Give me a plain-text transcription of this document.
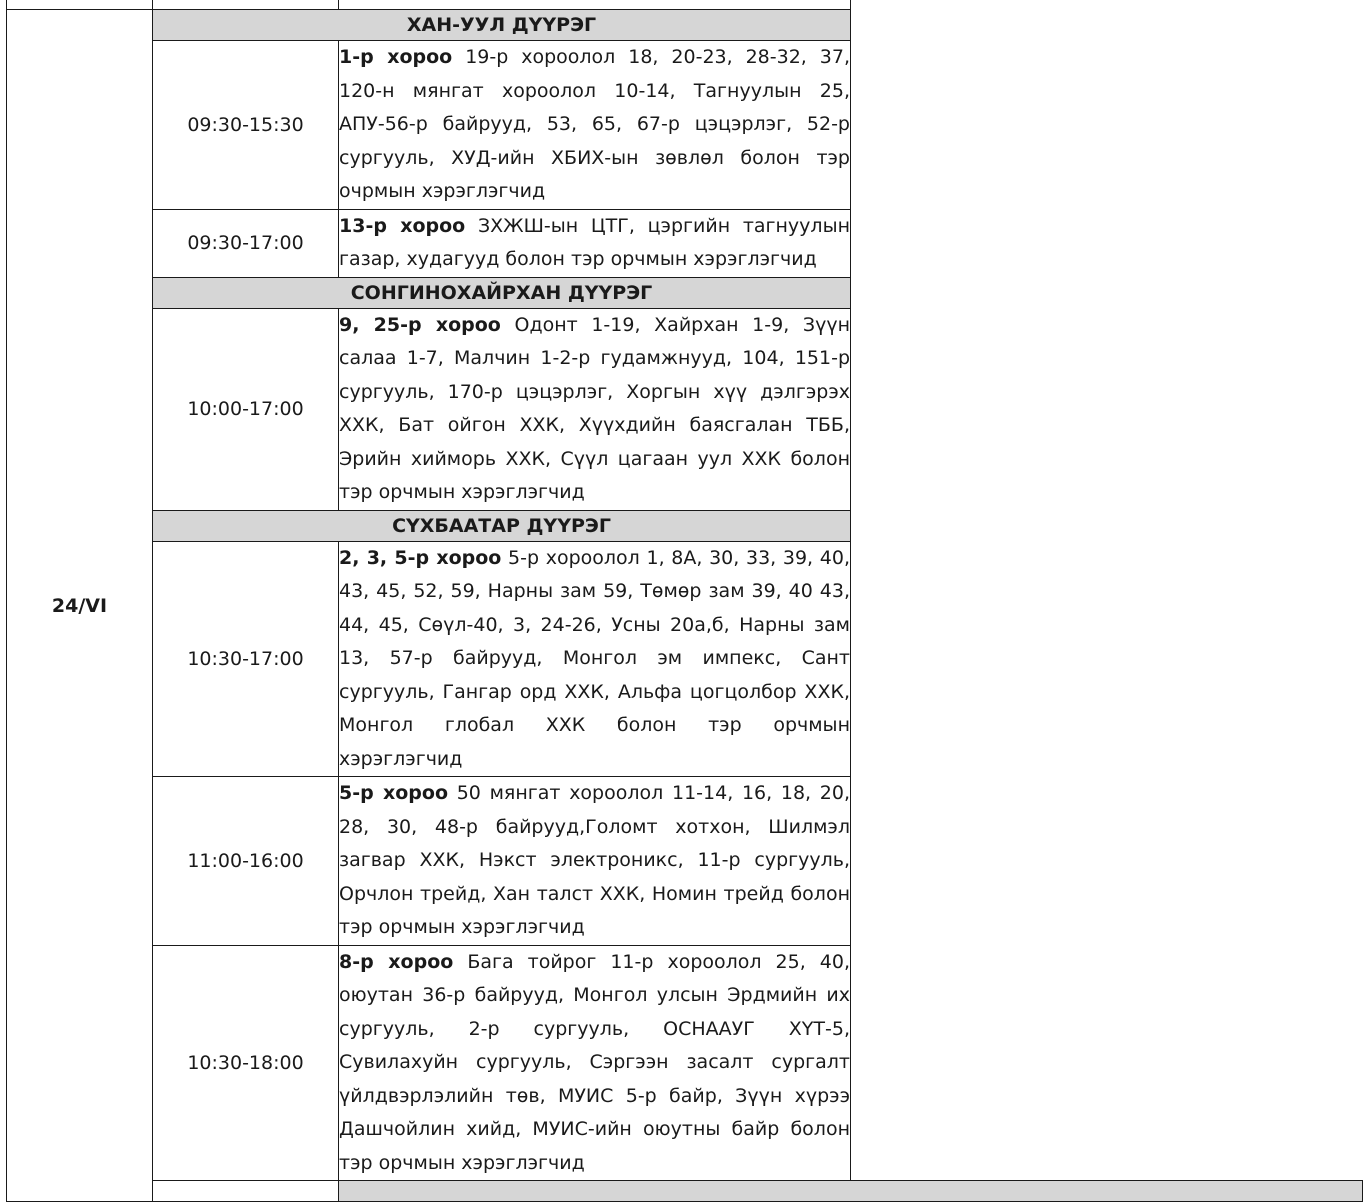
24/VI	ХАН-УУЛ ДҮҮРЭГ	
	09:30-15:30	1-р хороо 19-р хороолол 18, 20-23, 28-32, 37, 120-н мянгат хороолол 10-14, Тагнуулын 25, АПУ-56-р байрууд, 53, 65, 67-р цэцэрлэг, 52-р сургууль, ХУД-ийн ХБИХ-ын зөвлөл болон тэр очрмын хэрэглэгчид
	09:30-17:00	13-р хороо ЗХЖШ-ын ЦТГ, цэргийн тагнуулын газар, худагууд болон тэр орчмын хэрэглэгчид
	СОНГИНОХАЙРХАН ДҮҮРЭГ	
	10:00-17:00	9, 25-р хороо Одонт 1-19, Хайрхан 1-9, Зүүн салаа 1-7, Малчин 1-2-р гудамжнууд, 104, 151-р сургууль, 170-р цэцэрлэг, Хоргын хүү дэлгэрэх ХХК, Бат ойгон ХХК, Хүүхдийн баясгалан ТББ, Эрийн хийморь ХХК, Сүүл цагаан уул ХХК болон тэр орчмын хэрэглэгчид
	СҮХБААТАР ДҮҮРЭГ	
	10:30-17:00	2, 3, 5-р хороо 5-р хороолол 1, 8А, 30, 33, 39, 40, 43, 45, 52, 59, Нарны зам 59, Төмөр зам 39, 40 43, 44, 45, Сөүл-40, 3, 24-26, Усны 20а,б, Нарны зам 13, 57-р байрууд, Монгол эм импекс, Сант сургууль, Гангар орд ХХК, Альфа цогцолбор ХХК, Монгол глобал ХХК болон тэр орчмын хэрэглэгчид
	11:00-16:00	5-р хороо 50 мянгат хороолол 11-14, 16, 18, 20, 28, 30, 48-р байрууд,Голомт хотхон, Шилмэл загвар ХХК, Нэкст электроникс, 11-р сургууль, Орчлон трейд, Хан талст ХХК, Номин трейд болон тэр орчмын хэрэглэгчид
	10:30-18:00	8-р хороо Бага тойрог 11-р хороолол 25, 40, оюутан 36-р байрууд, Монгол улсын Эрдмийн их сургууль, 2-р сургууль, ОСНААУГ ХҮТ-5, Сувилахуйн сургууль, Сэргээн засалт сургалт үйлдвэрлэлийн төв, МУИС 5-р байр, Зүүн хүрээ Дашчойлин хийд, МУИС-ийн оюутны байр болон тэр орчмын хэрэглэгчид
